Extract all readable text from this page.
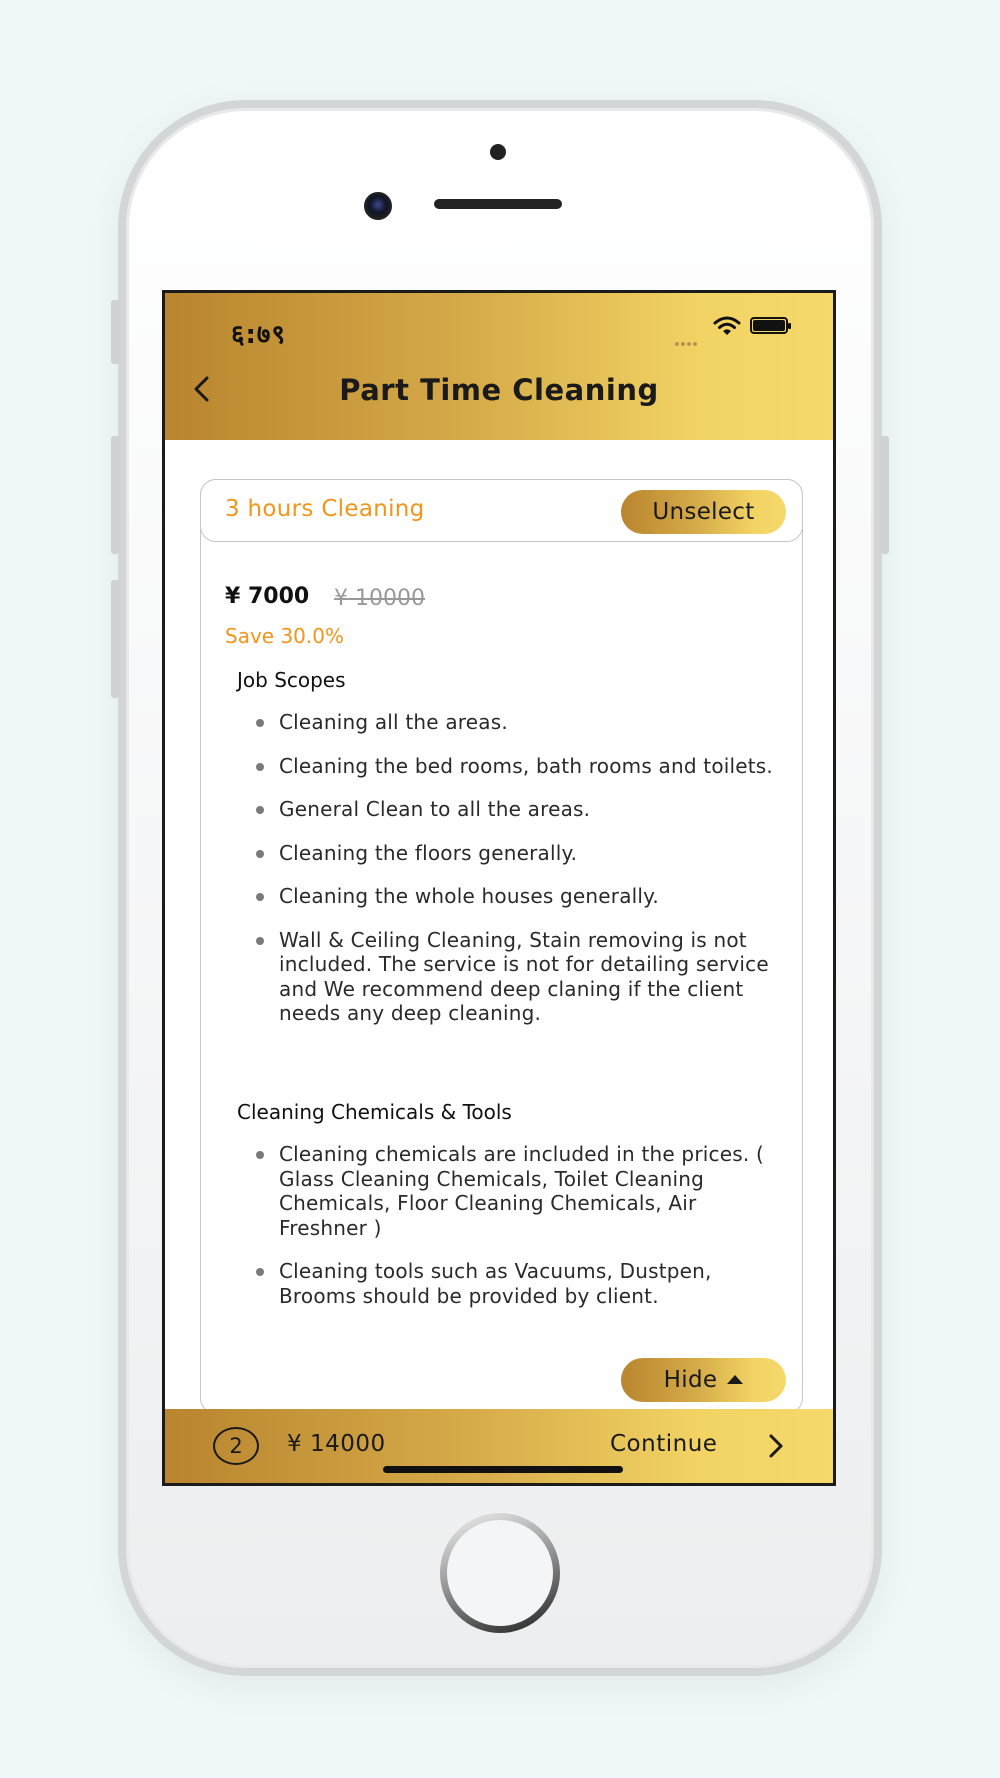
६:७९
Part Time Cleaning
3 hours Cleaning	Unselect
¥ 7000 ¥ 10000
Save 30.0%
Job Scopes
Cleaning all the areas.
Cleaning the bed rooms, bath rooms and toilets.
General Clean to all the areas.
Cleaning the floors generally.
Cleaning the whole houses generally.
Wall & Ceiling Cleaning, Stain removing is not included. The service is not for detailing service and We recommend deep claning if the client needs any deep cleaning.
Cleaning Chemicals & Tools
Cleaning chemicals are included in the prices. ( Glass Cleaning Chemicals, Toilet Cleaning Chemicals, Floor Cleaning Chemicals, Air Freshner )
Cleaning tools such as Vacuums, Dustpen, Brooms should be provided by client.
Hide
2	¥ 14000	Continue
